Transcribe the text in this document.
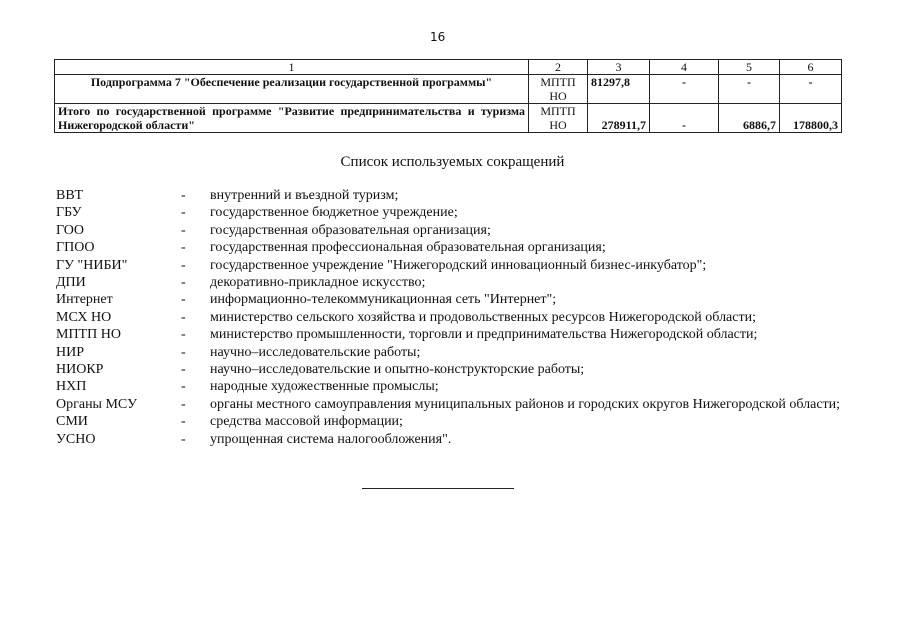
16
1	2	3	4	5	6
Подпрограмма 7 "Обеспечение реализации государственной программы"	МПТП НО	81297,8	-	-	-
Итого по государственной программе "Развитие предпринимательства и туризма Нижегородской области"	МПТП НО	278911,7	-	6886,7	178800,3
Список используемых сокращений
ВВТ	- внутренний и въездной туризм;
ГБУ	- государственное бюджетное учреждение;
ГОО	- государственная образовательная организация;
ГПОО	- государственная профессиональная образовательная организация;
ГУ "НИБИ"	- государственное учреждение "Нижегородский инновационный бизнес-инкубатор";
ДПИ	- декоративно-прикладное искусство;
Интернет	- информационно-телекоммуникационная сеть "Интернет";
МСХ НО	- министерство сельского хозяйства и продовольственных ресурсов Нижегородской области;
МПТП НО	- министерство промышленности, торговли и предпринимательства Нижегородской области;
НИР	- научно–исследовательские работы;
НИОКР	- научно–исследовательские и опытно-конструкторские работы;
НХП	- народные художественные промыслы;
Органы МСУ	- органы местного самоуправления муниципальных районов и городских округов Нижегородской области;
СМИ	- средства массовой информации;
УСНО	- упрощенная система налогообложения".
